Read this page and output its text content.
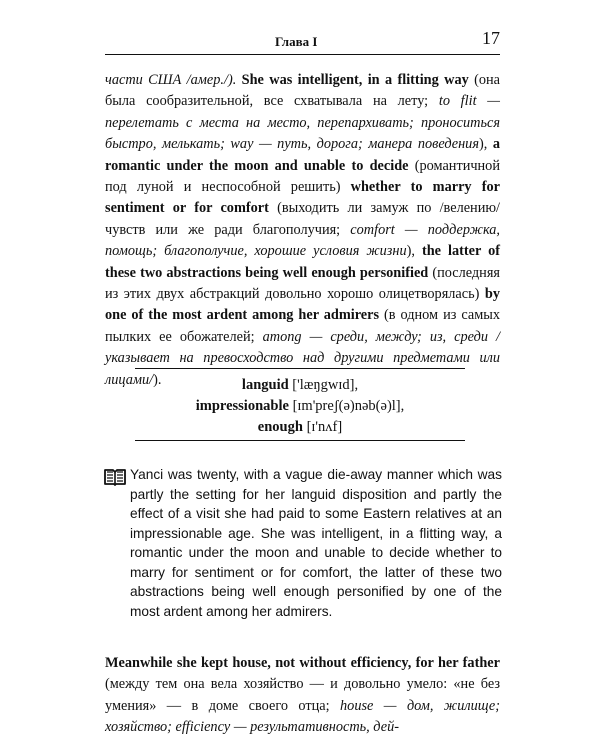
Глава I	17
части США /амер./). She was intelligent, in a flitting way (она была сообразительной, все схватывала на лету; to flit — перелетать с места на место, перепархивать; проноситься быстро, мелькать; way — путь, дорога; манера поведения), a romantic under the moon and unable to decide (романтичной под луной и неспособной решить) whether to marry for sentiment or for comfort (выходить ли замуж по /велению/ чувств или же ради благополучия; comfort — поддержка, помощь; благополучие, хорошие условия жизни), the latter of these two abstractions being well enough personified (последняя из этих двух абстракций довольно хорошо олицетворялась) by one of the most ardent among her admirers (в одном из самых пылких ее обожателей; among — среди, между; из, среди /указывает на превосходство над другими предметами или лицами/).	languid ['læŋgwɪd],
impressionable [ɪm'preʃ(ə)nəb(ə)l],
enough [ɪ'nʌf]
Yanci was twenty, with a vague die-away manner which was partly the setting for her languid disposition and partly the effect of a visit she had paid to some Eastern relatives at an impressionable age. She was intelligent, in a flitting way, a romantic under the moon and unable to decide whether to marry for sentiment or for comfort, the latter of these two abstractions being well enough personified by one of the most ardent among her admirers.
Meanwhile she kept house, not without efficiency, for her father (между тем она вела хозяйство — и довольно умело: «не без умения» — в доме своего отца; house — дом, жилище; хозяйство; efficiency — результативность, дей-
